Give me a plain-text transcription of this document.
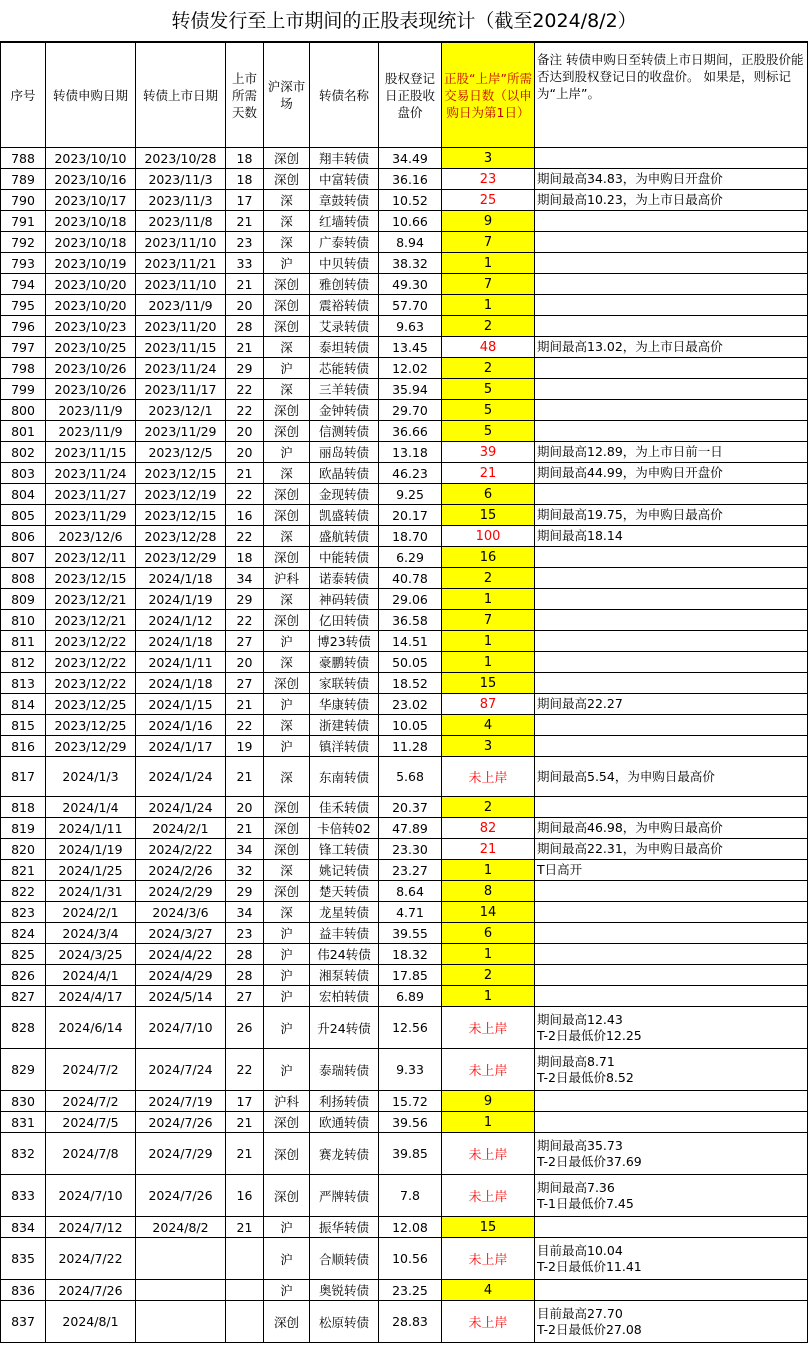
转债发行至上市期间的正股表现统计（截至2024/8/2）
序号	转债申购日期	转债上市日期	上市所需天数	沪深市场	转债名称	股权登记日正股收盘价	正股“上岸”所需交易日数（以申购日为第1日）	备注 转债申购日至转债上市日期间，正股股价能否达到股权登记日的收盘价。 如果是，则标记为“上岸”。
788	2023/10/10	2023/10/28	18	深创	翔丰转债	34.49	3	

789	2023/10/16	2023/11/3	18	深创	中富转债	36.16	23	期间最高34.83，为申购日开盘价

790	2023/10/17	2023/11/3	17	深	章鼓转债	10.52	25	期间最高10.23，为上市日最高价

791	2023/10/18	2023/11/8	21	深	红墙转债	10.66	9	

792	2023/10/18	2023/11/10	23	深	广泰转债	8.94	7	

793	2023/10/19	2023/11/21	33	沪	中贝转债	38.32	1	

794	2023/10/20	2023/11/10	21	深创	雅创转债	49.30	7	

795	2023/10/20	2023/11/9	20	深创	震裕转债	57.70	1	

796	2023/10/23	2023/11/20	28	深创	艾录转债	9.63	2	

797	2023/10/25	2023/11/15	21	深	泰坦转债	13.45	48	期间最高13.02，为上市日最高价

798	2023/10/26	2023/11/24	29	沪	芯能转债	12.02	2	

799	2023/10/26	2023/11/17	22	深	三羊转债	35.94	5	

800	2023/11/9	2023/12/1	22	深创	金钟转债	29.70	5	

801	2023/11/9	2023/11/29	20	深创	信测转债	36.66	5	

802	2023/11/15	2023/12/5	20	沪	丽岛转债	13.18	39	期间最高12.89，为上市日前一日

803	2023/11/24	2023/12/15	21	深	欧晶转债	46.23	21	期间最高44.99，为申购日开盘价

804	2023/11/27	2023/12/19	22	深创	金现转债	9.25	6	

805	2023/11/29	2023/12/15	16	深创	凯盛转债	20.17	15	期间最高19.75，为申购日最高价

806	2023/12/6	2023/12/28	22	深	盛航转债	18.70	100	期间最高18.14

807	2023/12/11	2023/12/29	18	深创	中能转债	6.29	16	

808	2023/12/15	2024/1/18	34	沪科	诺泰转债	40.78	2	

809	2023/12/21	2024/1/19	29	深	神码转债	29.06	1	

810	2023/12/21	2024/1/12	22	深创	亿田转债	36.58	7	

811	2023/12/22	2024/1/18	27	沪	博23转债	14.51	1	

812	2023/12/22	2024/1/11	20	深	豪鹏转债	50.05	1	

813	2023/12/22	2024/1/18	27	深创	家联转债	18.52	15	

814	2023/12/25	2024/1/15	21	沪	华康转债	23.02	87	期间最高22.27

815	2023/12/25	2024/1/16	22	深	浙建转债	10.05	4	

816	2023/12/29	2024/1/17	19	沪	镇洋转债	11.28	3	

817	2024/1/3	2024/1/24	21	深	东南转债	5.68	未上岸	期间最高5.54，为申购日最高价

818	2024/1/4	2024/1/24	20	深创	佳禾转债	20.37	2	

819	2024/1/11	2024/2/1	21	深创	卡倍转02	47.89	82	期间最高46.98，为申购日最高价

820	2024/1/19	2024/2/22	34	深创	锋工转债	23.30	21	期间最高22.31，为申购日最高价

821	2024/1/25	2024/2/26	32	深	姚记转债	23.27	1	T日高开

822	2024/1/31	2024/2/29	29	深创	楚天转债	8.64	8	

823	2024/2/1	2024/3/6	34	深	龙星转债	4.71	14	

824	2024/3/4	2024/3/27	23	沪	益丰转债	39.55	6	

825	2024/3/25	2024/4/22	28	沪	伟24转债	18.32	1	

826	2024/4/1	2024/4/29	28	沪	湘泵转债	17.85	2	

827	2024/4/17	2024/5/14	27	沪	宏柏转债	6.89	1	

828	2024/6/14	2024/7/10	26	沪	升24转债	12.56	未上岸	期间最高12.43
T-2日最低价12.25

829	2024/7/2	2024/7/24	22	沪	泰瑞转债	9.33	未上岸	期间最高8.71
T-2日最低价8.52

830	2024/7/2	2024/7/19	17	沪科	利扬转债	15.72	9	

831	2024/7/5	2024/7/26	21	深创	欧通转债	39.56	1	

832	2024/7/8	2024/7/29	21	深创	赛龙转债	39.85	未上岸	期间最高35.73
T-2日最低价37.69

833	2024/7/10	2024/7/26	16	深创	严牌转债	7.8	未上岸	期间最高7.36
T-1日最低价7.45

834	2024/7/12	2024/8/2	21	沪	振华转债	12.08	15	

835	2024/7/22			沪	合顺转债	10.56	未上岸	目前最高10.04
T-2日最低价11.41

836	2024/7/26			沪	奥锐转债	23.25	4	

837	2024/8/1			深创	松原转债	28.83	未上岸	目前最高27.70
T-2日最低价27.08
